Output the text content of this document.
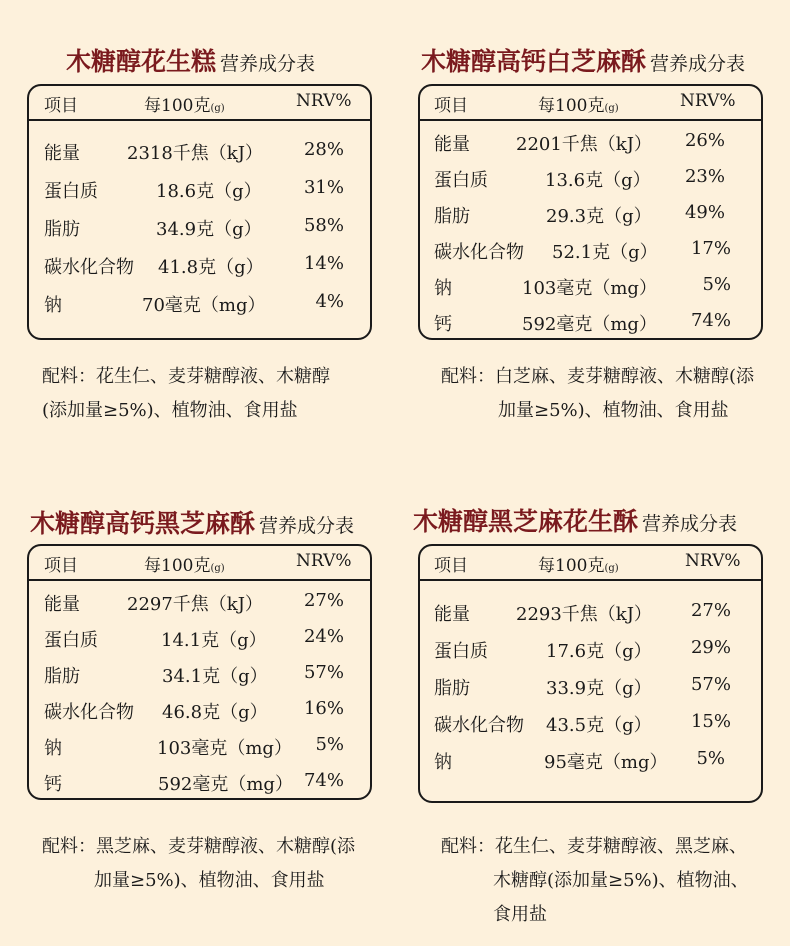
木糖醇花生糕 营养成分表
项目	每100克(g)	NRV%
能量	2318千焦（kJ） 28%
蛋白质	18.6克（g） 31%
脂肪	34.9克（g） 58%
碳水化合物 41.8克（g） 14%
钠	70毫克（mg）	4%
配料：花生仁、麦芽糖醇液、木糖醇
(添加量≥5%)、植物油、食用盐
木糖醇高钙白芝麻酥 营养成分表
项目	每100克(g)	NRV%
能量	2201千焦（kJ） 26%
蛋白质	13.6克（g） 23%
脂肪	29.3克（g） 49%
碳水化合物 52.1克（g） 17%
钠	103毫克（mg）	5%
钙	592毫克（mg） 74%
配料：白芝麻、麦芽糖醇液、木糖醇(添
加量≥5%)、植物油、食用盐
木糖醇高钙黑芝麻酥 营养成分表
项目	每100克(g)	NRV%
能量	2297千焦（kJ） 27%
蛋白质	14.1克（g） 24%
脂肪	34.1克（g） 57%
碳水化合物 46.8克（g） 16%
钠	103毫克（mg） 5%
钙	592毫克（mg） 74%
配料：黑芝麻、麦芽糖醇液、木糖醇(添
加量≥5%)、植物油、食用盐
木糖醇黑芝麻花生酥 营养成分表
项目	每100克(g)	NRV%
能量	2293千焦（kJ） 27%
蛋白质	17.6克（g） 29%
脂肪	33.9克（g） 57%
碳水化合物 43.5克（g） 15%
钠	95毫克（mg） 5%
配料：花生仁、麦芽糖醇液、黑芝麻、
木糖醇(添加量≥5%)、植物油、
食用盐
